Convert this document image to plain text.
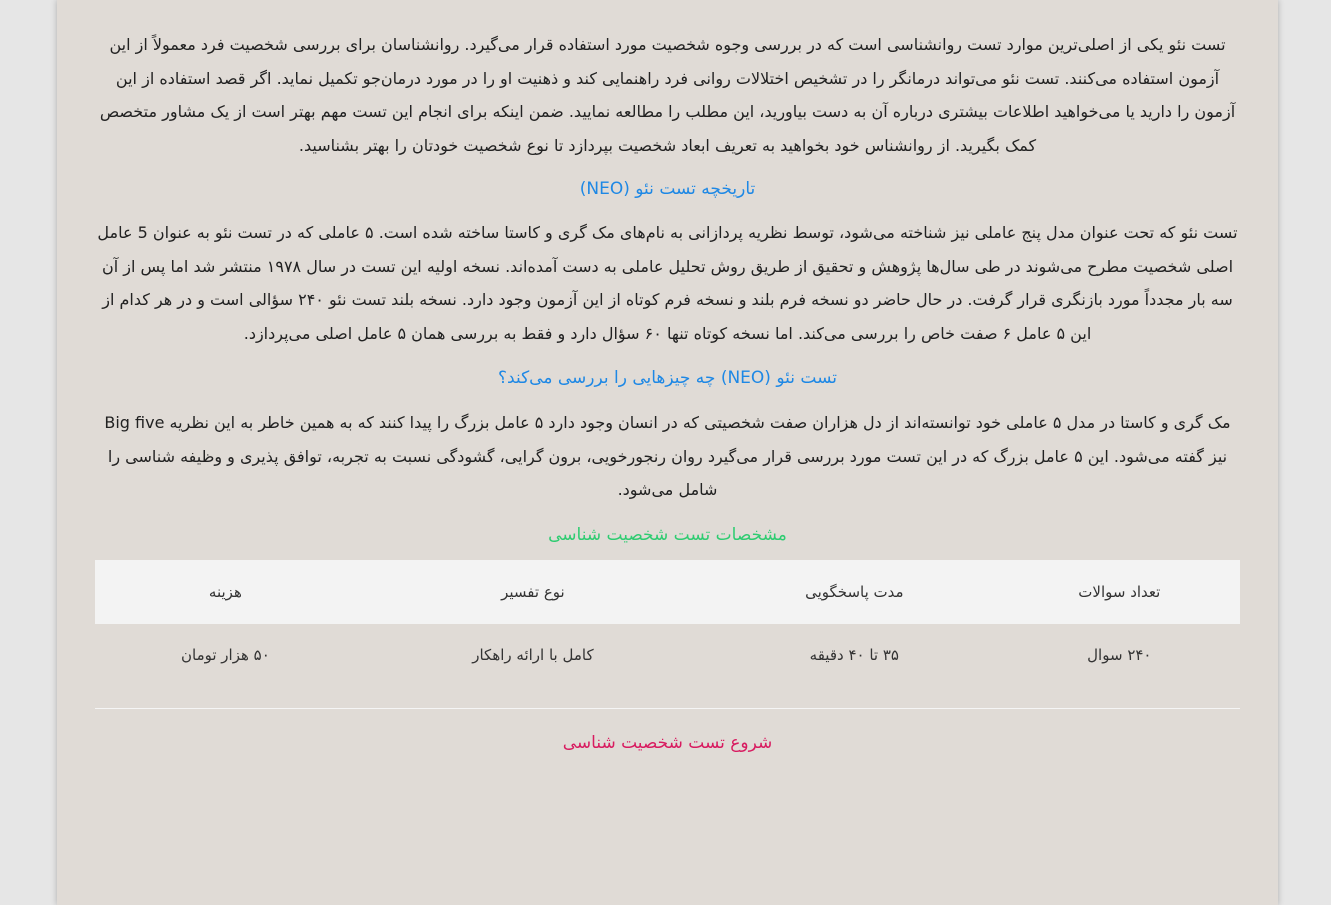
تست نئو یکی از اصلی‌ترین موارد تست روانشناسی است که در بررسی وجوه شخصیت مورد استفاده قرار می‌گیرد. روانشناسان برای بررسی شخصیت فرد معمولاً از این آزمون استفاده می‌کنند. تست نئو می‌تواند درمانگر را در تشخیص اختلالات روانی فرد راهنمایی کند و ذهنیت او را در مورد درمان‌جو تکمیل نماید. اگر قصد استفاده از این آزمون را دارید یا می‌خواهید اطلاعات بیشتری درباره آن به دست بیاورید، این مطلب را مطالعه نمایید. ضمن اینکه برای انجام این تست مهم بهتر است از یک مشاور متخصص کمک بگیرید. از روانشناس خود بخواهید به تعریف ابعاد شخصیت بپردازد تا نوع شخصیت خودتان را بهتر بشناسید.

تاریخچه تست نئو (NEO)

تست نئو که تحت عنوان مدل پنج عاملی نیز شناخته می‌شود، توسط نظریه پردازانی به نام‌های مک گری و کاستا ساخته شده است. ۵ عاملی که در تست نئو به عنوان 5 عامل اصلی شخصیت مطرح می‌شوند در طی سال‌ها پژوهش و تحقیق از طریق روش تحلیل عاملی به دست آمده‌اند. نسخه اولیه این تست در سال ۱۹۷۸ منتشر شد اما پس از آن سه بار مجدداً مورد بازنگری قرار گرفت. در حال حاضر دو نسخه فرم بلند و نسخه فرم کوتاه از این آزمون وجود دارد. نسخه بلند تست نئو ۲۴۰ سؤالی است و در هر کدام از این ۵ عامل ۶ صفت خاص را بررسی می‌کند. اما نسخه کوتاه تنها ۶۰ سؤال دارد و فقط به بررسی همان ۵ عامل اصلی می‌پردازد.

تست نئو (NEO) چه چیزهایی را بررسی می‌کند؟

مک گری و کاستا در مدل ۵ عاملی خود توانسته‌اند از دل هزاران صفت شخصیتی که در انسان وجود دارد ۵ عامل بزرگ را پیدا کنند که به همین خاطر به این نظریه Big five نیز گفته می‌شود. این ۵ عامل بزرگ که در این تست مورد بررسی قرار می‌گیرد روان رنجورخویی، برون گرایی، گشودگی نسبت به تجربه، توافق پذیری و وظیفه شناسی را شامل می‌شود.

مشخصات تست شخصیت شناسی
تعداد سوالات	مدت پاسخگویی	نوع تفسیر	هزینه
۲۴۰ سوال	۳۵ تا ۴۰ دقیقه	کامل با ارائه راهکار	۵۰ هزار تومان
شروع تست شخصیت شناسی
